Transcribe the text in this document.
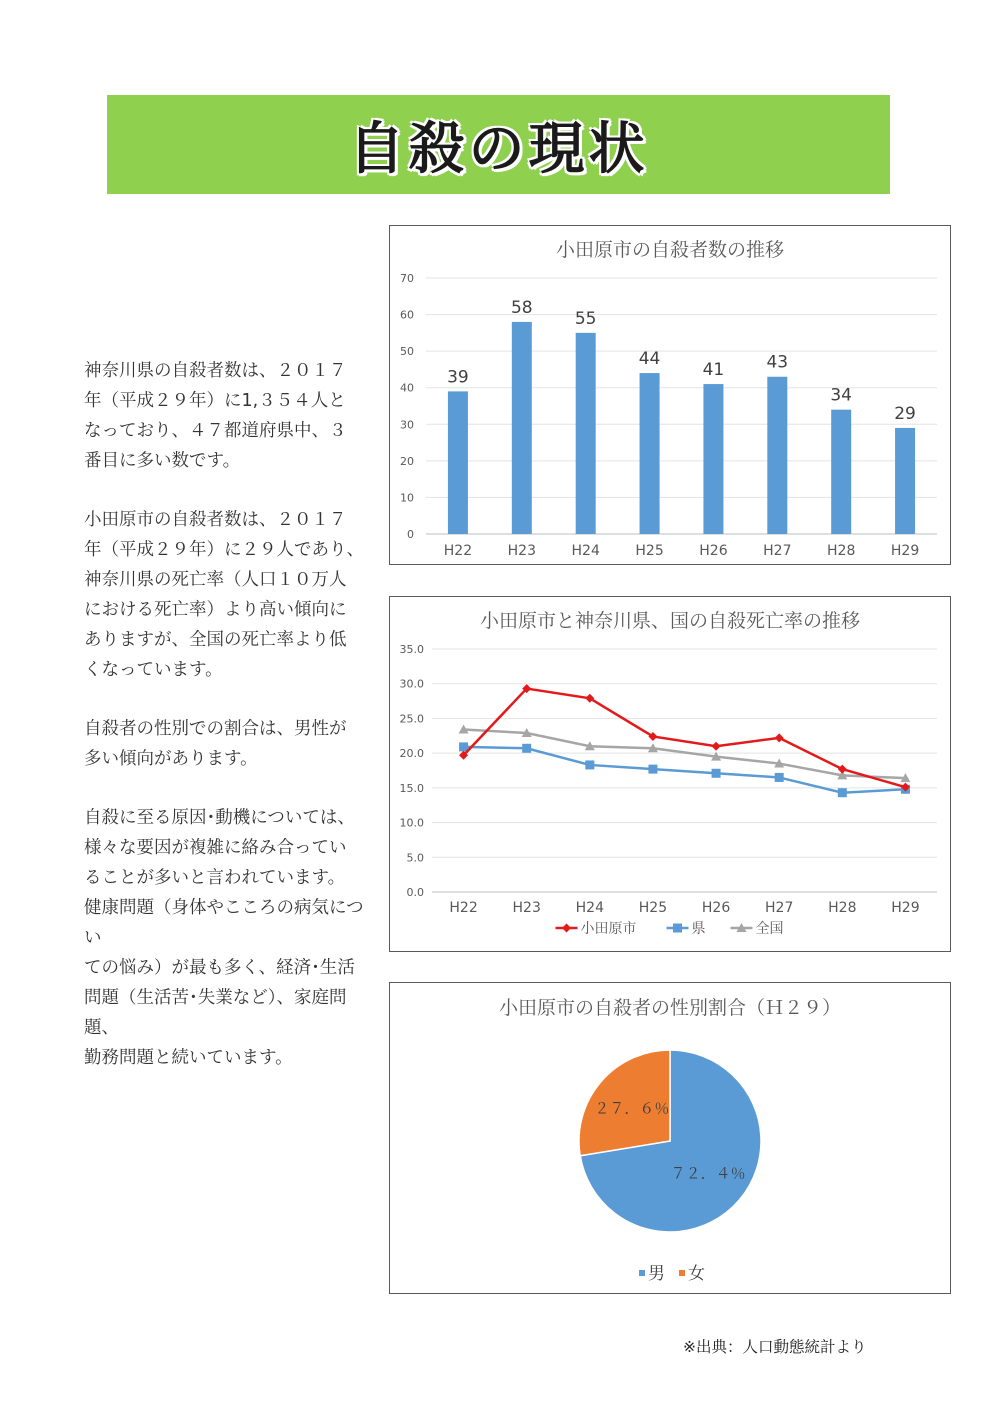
自殺の現状

神奈川県の自殺者数は、２０１７
年（平成２９年）に1,３５４人と
なっており、４７都道府県中、３
番目に多い数です。

小田原市の自殺者数は、２０１７
年（平成２９年）に２９人であり、
神奈川県の死亡率（人口１０万人
における死亡率）より高い傾向に
ありますが、全国の死亡率より低
くなっています。

自殺者の性別での割合は、男性が
多い傾向があります。

自殺に至る原因･動機については、
様々な要因が複雑に絡み合ってい
ることが多いと言われています。
健康問題（身体やこころの病気につい
ての悩み）が最も多く、経済･生活
問題（生活苦･失業など）、家庭問題、
勤務問題と続いています。

小田原市の自殺者数の推移
0
10
20
30
40
50
60
70
39
H22
58
H23
55
H24
44
H25
41
H26
43
H27
34
H28
29
H29
小田原市と神奈川県、国の自殺死亡率の推移
0.0
5.0
10.0
15.0
20.0
25.0
30.0
35.0
H22 H23 H24 H25 H26 H27 H28 H29
小田原市	県	全国
小田原市の自殺者の性別割合（Ｈ２９）
７２．４％
２７．６％
男 女
※出典：人口動態統計より
